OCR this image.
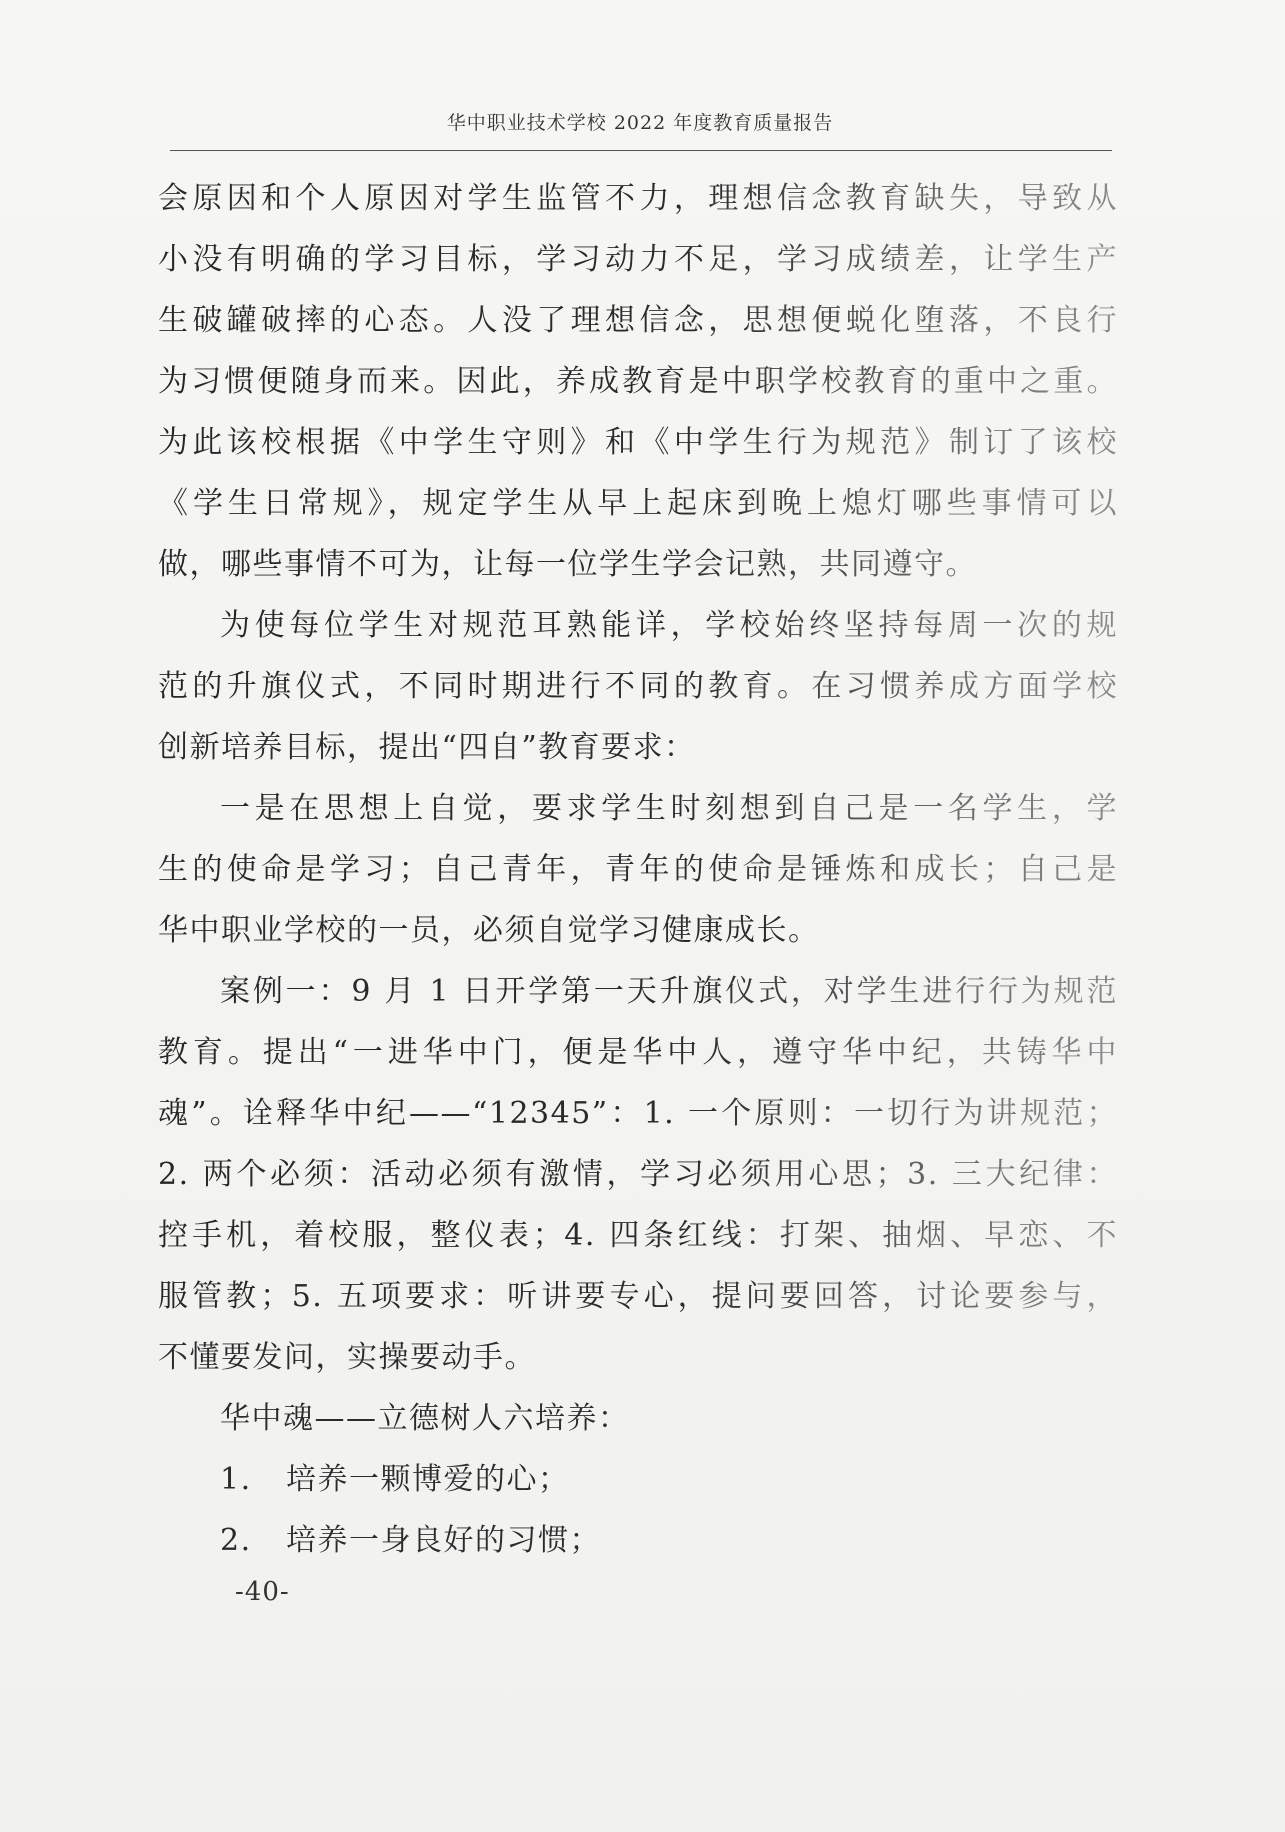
华中职业技术学校 2022 年度教育质量报告
会原因和个人原因对学生监管不力，理想信念教育缺失，导致从
小没有明确的学习目标，学习动力不足，学习成绩差，让学生产
生破罐破摔的心态。人没了理想信念，思想便蜕化堕落，不良行
为习惯便随身而来。因此，养成教育是中职学校教育的重中之重。
为此该校根据《中学生守则》和《中学生行为规范》制订了该校
《学生日常规》，规定学生从早上起床到晚上熄灯哪些事情可以
做，哪些事情不可为，让每一位学生学会记熟，共同遵守。
为使每位学生对规范耳熟能详，学校始终坚持每周一次的规
范的升旗仪式，不同时期进行不同的教育。在习惯养成方面学校
创新培养目标，提出“四自”教育要求：
一是在思想上自觉，要求学生时刻想到自己是一名学生，学
生的使命是学习；自己青年，青年的使命是锤炼和成长；自己是
华中职业学校的一员，必须自觉学习健康成长。
案例一：9 月 1 日开学第一天升旗仪式，对学生进行行为规范
教育。提出“一进华中门，便是华中人，遵守华中纪，共铸华中
魂”。诠释华中纪——“12345”：1. 一个原则：一切行为讲规范；
2. 两个必须：活动必须有激情，学习必须用心思；3. 三大纪律：
控手机，着校服，整仪表；4. 四条红线：打架、抽烟、早恋、不
服管教；5. 五项要求：听讲要专心，提问要回答，讨论要参与，
不懂要发问，实操要动手。
华中魂——立德树人六培养：
1. 培养一颗博爱的心；
2. 培养一身良好的习惯；
-40-
